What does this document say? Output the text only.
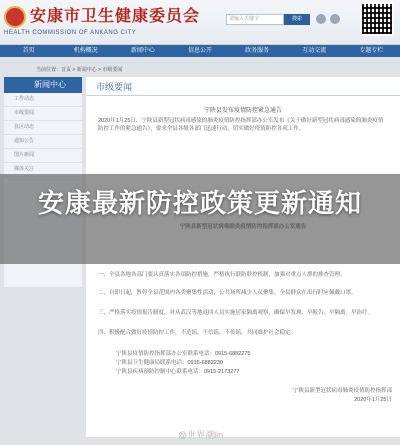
安康市卫生健康委员会
HEALTH COMMISSION OF ANKANG CITY
请输入关键字	搜索
首页	机构概况	新闻中心	信息公开	政务服务	互动交流	专题专栏
当前位置：首页 > 新闻中心 > 市级要闻
新闻中心
工作动态
市级要闻
县区动态
通知公告
图片新闻
媒体关注
市级要闻
宁陕县发布疫情防控紧急通告
2020年1月25日，宁陕县新型冠状病毒感染的肺炎疫情防控指挥部办公室发布《关于做好新型冠状病毒感染的肺炎疫情防控工作的紧急通告》，要求全县各级各部门迅速行动，切实做好疫情防控各项工作。
一、全县各地各部门要认真落实各项防控措施，严格执行联防联控机制，加强对重点人群的排查管理。
二、自即日起，暂停全县范围内各类聚集性活动，公共场所减少人员聚集，全县群众在出行时应佩戴口罩。
三、严格落实疫情报告制度，对从武汉等地返回人员实施居家隔离观察，确保早发现、早报告、早隔离、早治疗。
四、积极配合做好疫情防控工作，不造谣、不信谣、不传谣，共同维护社会稳定。
宁陕县疫情防控指挥部办公室联系电话：0915-6882275
宁陕县卫生健康局联系电话：0915-6882230
宁陕县疾病预防控制中心联系电话：0915-2173277
宁陕县新型冠状病毒肺炎疫情防控指挥部
2020年1月25日
安康最新防控政策更新通知
@世界潮lin
